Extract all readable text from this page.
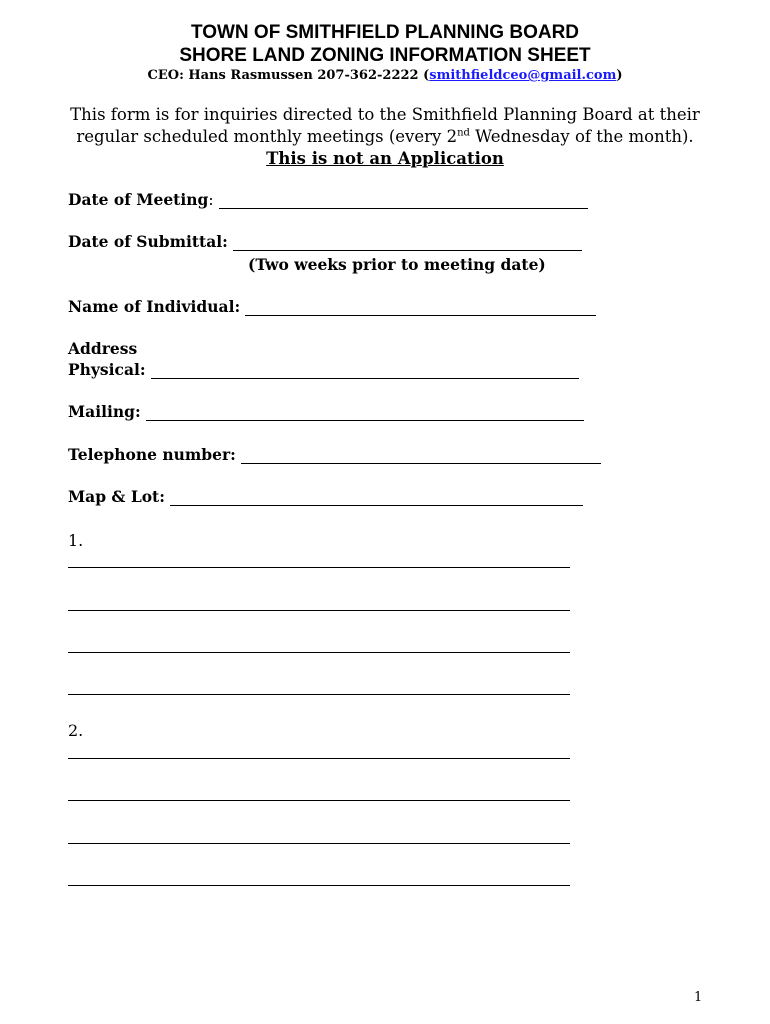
TOWN OF SMITHFIELD PLANNING BOARD
SHORE LAND ZONING INFORMATION SHEET
CEO: Hans Rasmussen 207-362-2222 (smithfieldceo@gmail.com)
This form is for inquiries directed to the Smithfield Planning Board at their regular scheduled monthly meetings (every 2nd Wednesday of the month). This is not an Application
Date of Meeting:
Date of Submittal:
(Two weeks prior to meeting date)
Name of Individual:
Address
Physical:
Mailing:
Telephone number:
Map & Lot:
1.
2.
1
